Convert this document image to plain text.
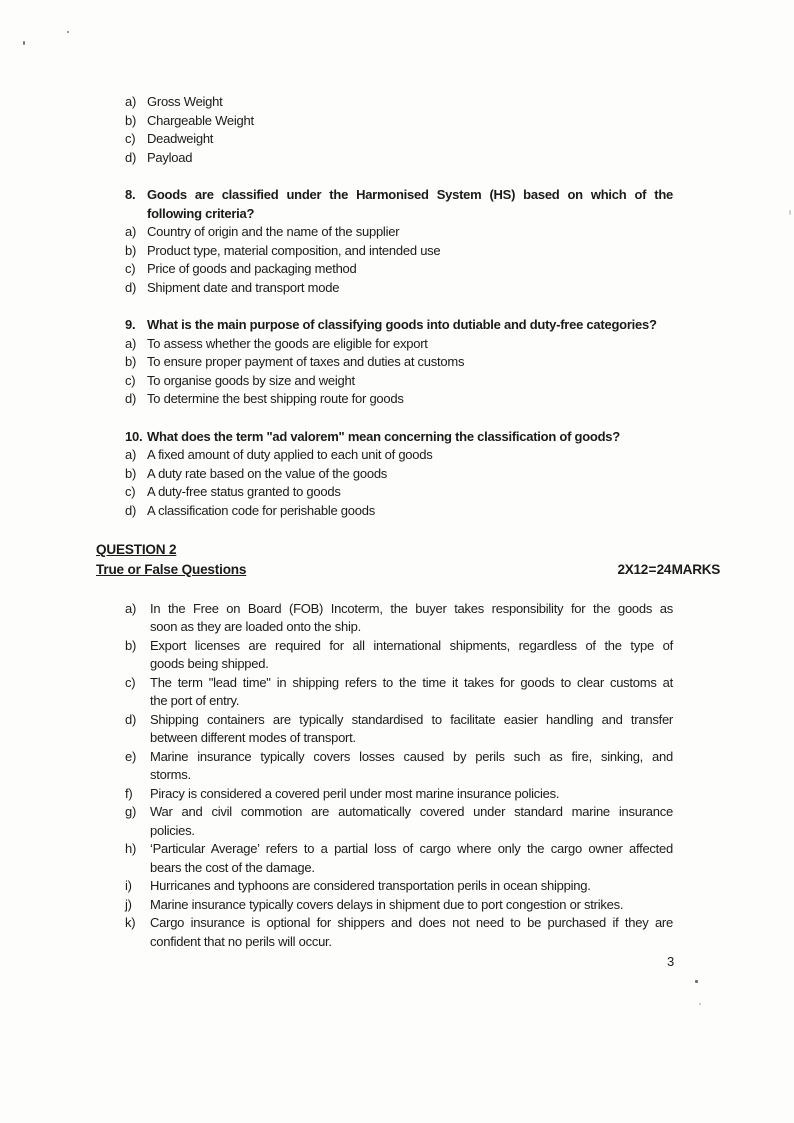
a) Gross Weight
b) Chargeable Weight
c) Deadweight
d) Payload
8. Goods are classified under the Harmonised System (HS) based on which of the
following criteria?
a) Country of origin and the name of the supplier
b) Product type, material composition, and intended use
c) Price of goods and packaging method
d) Shipment date and transport mode
9. What is the main purpose of classifying goods into dutiable and duty-free categories?
a) To assess whether the goods are eligible for export
b) To ensure proper payment of taxes and duties at customs
c) To organise goods by size and weight
d) To determine the best shipping route for goods
10. What does the term "ad valorem" mean concerning the classification of goods?
a) A fixed amount of duty applied to each unit of goods
b) A duty rate based on the value of the goods
c) A duty-free status granted to goods
d) A classification code for perishable goods
QUESTION 2
True or False Questions	2X12 = 24 MARKS
a)	In the Free on Board (FOB) Incoterm, the buyer takes responsibility for the goods as
soon as they are loaded onto the ship.
b)	Export licenses are required for all international shipments, regardless of the type of
goods being shipped.
c)	The term "lead time" in shipping refers to the time it takes for goods to clear customs at
the port of entry.
d)	Shipping containers are typically standardised to facilitate easier handling and transfer
between different modes of transport.
e)	Marine insurance typically covers losses caused by perils such as fire, sinking, and
storms.
f)	Piracy is considered a covered peril under most marine insurance policies.
g)	War and civil commotion are automatically covered under standard marine insurance
policies.
h)	‘Particular Average’ refers to a partial loss of cargo where only the cargo owner affected
bears the cost of the damage.
i)	Hurricanes and typhoons are considered transportation perils in ocean shipping.
j)	Marine insurance typically covers delays in shipment due to port congestion or strikes.
k)	Cargo insurance is optional for shippers and does not need to be purchased if they are
confident that no perils will occur.
3
